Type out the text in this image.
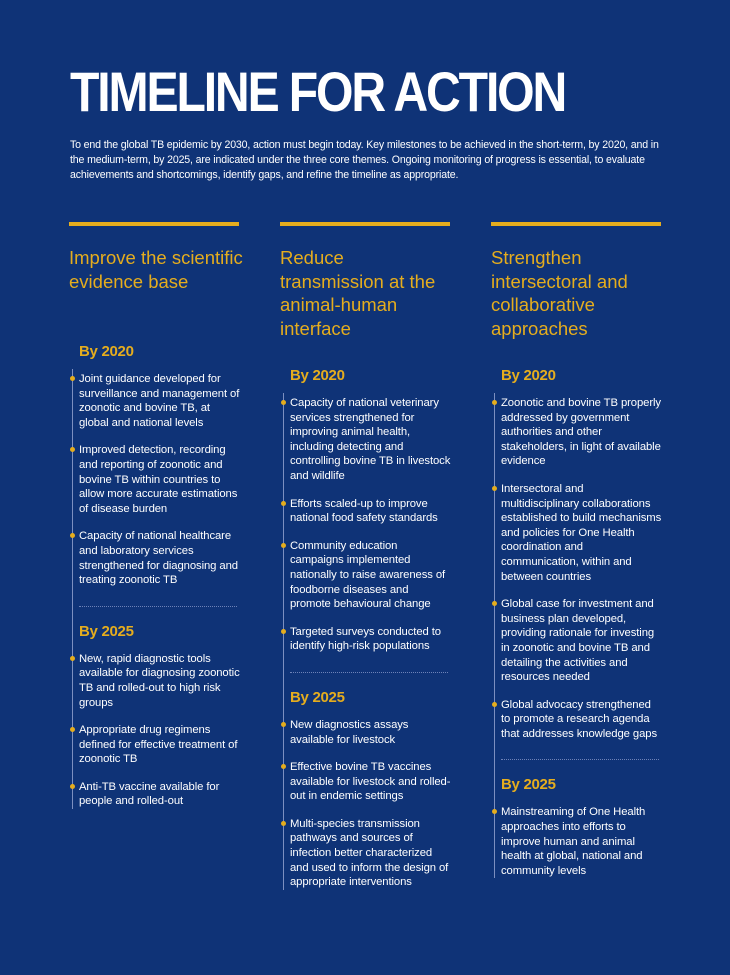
TIMELINE FOR ACTION

To end the global TB epidemic by 2030, action must begin today. Key milestones to be achieved in the short-term, by 2020, and in the medium-term, by 2025, are indicated under the three core themes. Ongoing monitoring of progress is essential, to evaluate achievements and shortcomings, identify gaps, and refine the timeline as appropriate.

Improve the scientific evidence base
By 2020
Joint guidance developed for surveillance and management of zoonotic and bovine TB, at global and national levels
Improved detection, recording and reporting of zoonotic and bovine TB within countries to allow more accurate estimations of disease burden
Capacity of national healthcare and laboratory services strengthened for diagnosing and treating zoonotic TB
By 2025
New, rapid diagnostic tools available for diagnosing zoonotic TB and rolled-out to high risk groups
Appropriate drug regimens defined for effective treatment of zoonotic TB
Anti-TB vaccine available for people and rolled-out
Reduce transmission at the animal-human interface
By 2020
Capacity of national veterinary services strengthened for improving animal health, including detecting and controlling bovine TB in livestock and wildlife
Efforts scaled-up to improve national food safety standards
Community education campaigns implemented nationally to raise awareness of foodborne diseases and promote behavioural change
Targeted surveys conducted to identify high-risk populations
By 2025
New diagnostics assays available for livestock
Effective bovine TB vaccines available for livestock and rolled-out in endemic settings
Multi-species transmission pathways and sources of infection better characterized and used to inform the design of appropriate interventions
Strengthen intersectoral and collaborative approaches
By 2020
Zoonotic and bovine TB properly addressed by government authorities and other stakeholders, in light of available evidence
Intersectoral and multidisciplinary collaborations established to build mechanisms and policies for One Health coordination and communication, within and between countries
Global case for investment and business plan developed, providing rationale for investing in zoonotic and bovine TB and detailing the activities and resources needed
Global advocacy strengthened to promote a research agenda that addresses knowledge gaps
By 2025
Mainstreaming of One Health approaches into efforts to improve human and animal health at global, national and community levels
